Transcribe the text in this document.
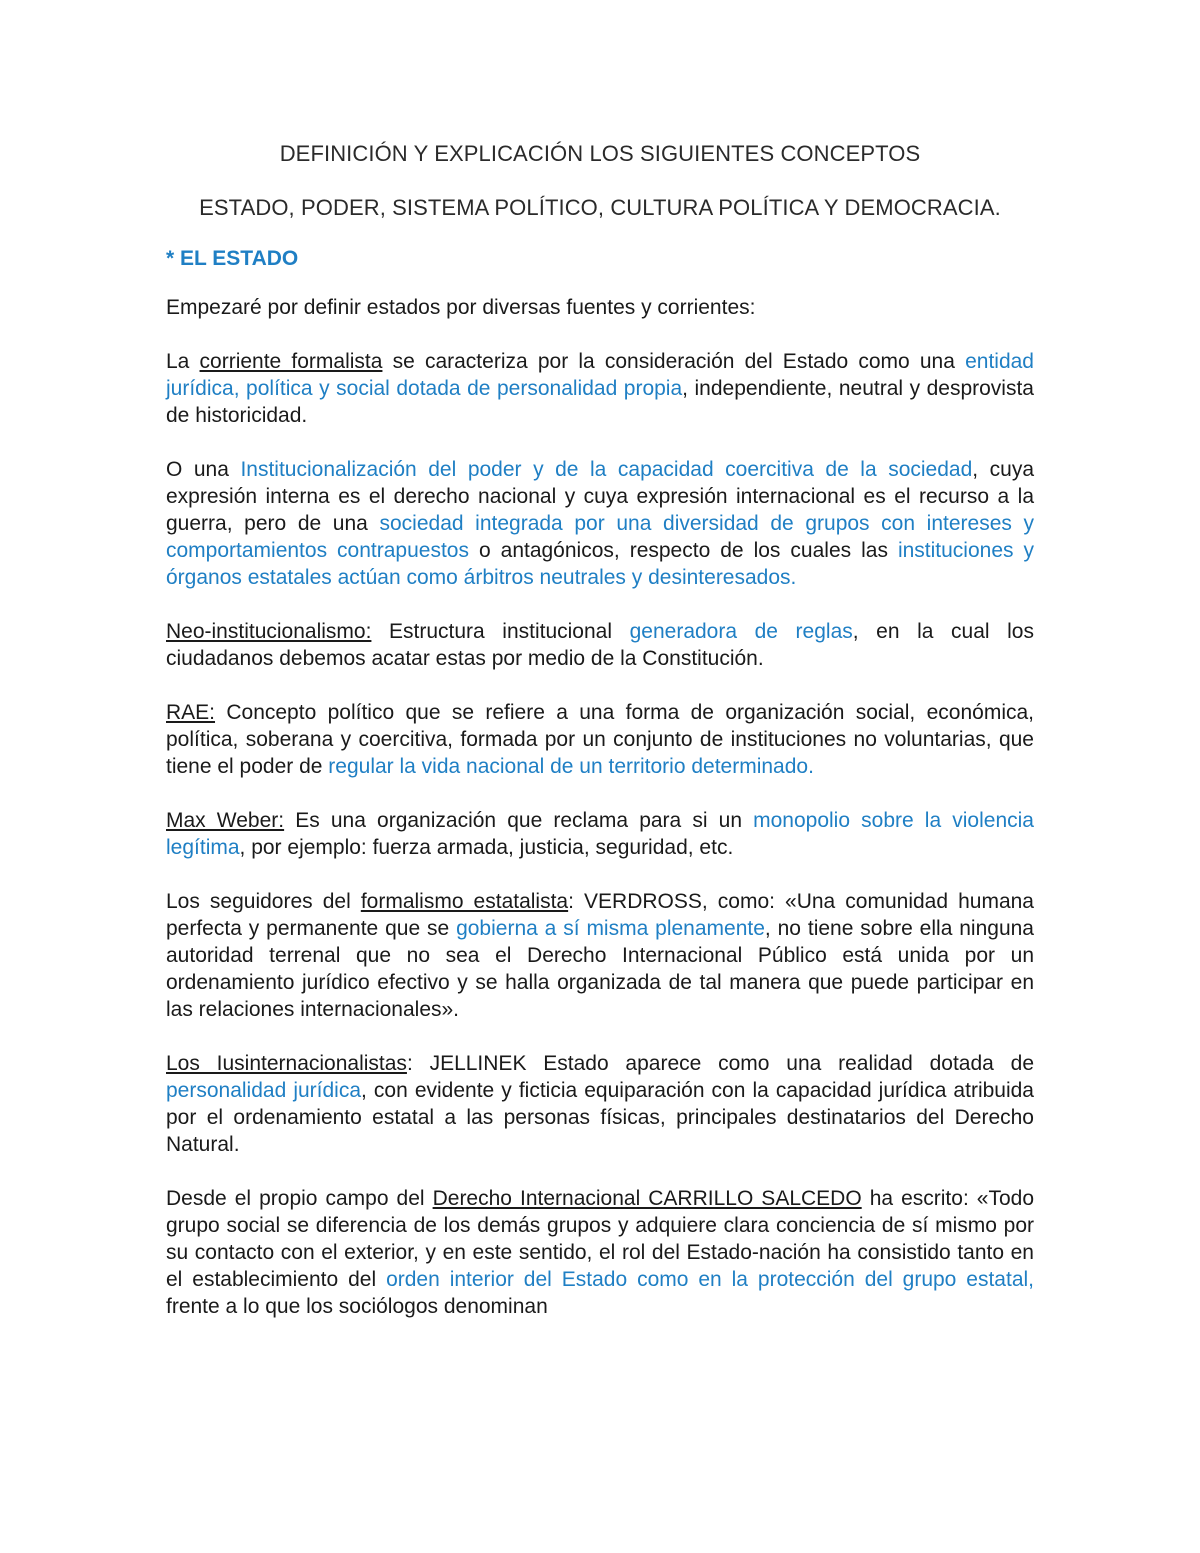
DEFINICIÓN Y EXPLICACIÓN LOS SIGUIENTES CONCEPTOS

ESTADO, PODER, SISTEMA POLÍTICO, CULTURA POLÍTICA Y DEMOCRACIA.

* EL ESTADO

Empezaré por definir estados por diversas fuentes y corrientes:

La corriente formalista se caracteriza por la consideración del Estado como una entidad jurídica, política y social dotada de personalidad propia, independiente, neutral y desprovista de historicidad.

O una Institucionalización del poder y de la capacidad coercitiva de la sociedad, cuya expresión interna es el derecho nacional y cuya expresión internacional es el recurso a la guerra, pero de una sociedad integrada por una diversidad de grupos con intereses y comportamientos contrapuestos o antagónicos, respecto de los cuales las instituciones y órganos estatales actúan como árbitros neutrales y desinteresados.

Neo-institucionalismo: Estructura institucional generadora de reglas, en la cual los ciudadanos debemos acatar estas por medio de la Constitución.

RAE: Concepto político que se refiere a una forma de organización social, económica, política, soberana y coercitiva, formada por un conjunto de instituciones no voluntarias, que tiene el poder de regular la vida nacional de un territorio determinado.

Max Weber: Es una organización que reclama para si un monopolio sobre la violencia legítima, por ejemplo: fuerza armada, justicia, seguridad, etc.

Los seguidores del formalismo estatalista: VERDROSS, como: «Una comunidad humana perfecta y permanente que se gobierna a sí misma plenamente, no tiene sobre ella ninguna autoridad terrenal que no sea el Derecho Internacional Público está unida por un ordenamiento jurídico efectivo y se halla organizada de tal manera que puede participar en las relaciones internacionales».

Los Iusinternacionalistas: JELLINEK Estado aparece como una realidad dotada de personalidad jurídica, con evidente y ficticia equiparación con la capacidad jurídica atribuida por el ordenamiento estatal a las personas físicas, principales destinatarios del Derecho Natural.

Desde el propio campo del Derecho Internacional CARRILLO SALCEDO ha escrito: «Todo grupo social se diferencia de los demás grupos y adquiere clara conciencia de sí mismo por su contacto con el exterior, y en este sentido, el rol del Estado-nación ha consistido tanto en el establecimiento del orden interior del Estado como en la protección del grupo estatal, frente a lo que los sociólogos denominan
